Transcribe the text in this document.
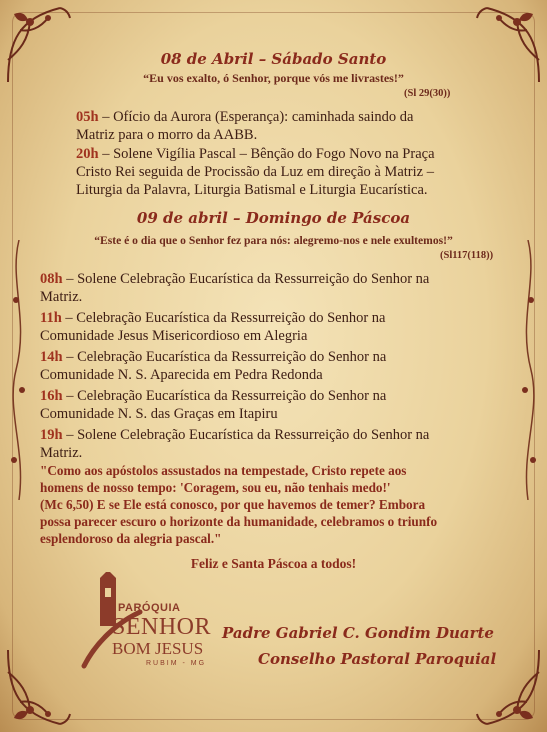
08 de Abril – Sábado Santo
“Eu vos exalto, ó Senhor, porque vós me livrastes!”
(Sl 29(30))
05h – Ofício da Aurora (Esperança): caminhada saindo da
Matriz para o morro da AABB.
20h – Solene Vigília Pascal – Bênção do Fogo Novo na Praça
Cristo Rei seguida de Procissão da Luz em direção à Matriz –
Liturgia da Palavra, Liturgia Batismal e Liturgia Eucarística.
09 de abril – Domingo de Páscoa
“Este é o dia que o Senhor fez para nós: alegremo-nos e nele exultemos!”
(Sl117(118))
08h – Solene Celebração Eucarística da Ressurreição do Senhor na
Matriz.
11h – Celebração Eucarística da Ressurreição do Senhor na
Comunidade Jesus Misericordioso em Alegria
14h – Celebração Eucarística da Ressurreição do Senhor na
Comunidade N. S. Aparecida em Pedra Redonda
16h – Celebração Eucarística da Ressurreição do Senhor na
Comunidade N. S. das Graças em Itapiru
19h – Solene Celebração Eucarística da Ressurreição do Senhor na
Matriz.
"Como aos apóstolos assustados na tempestade, Cristo repete aos
homens de nosso tempo: 'Coragem, sou eu, não tenhais medo!'
(Mc 6,50) E se Ele está conosco, por que havemos de temer? Embora
possa parecer escuro o horizonte da humanidade, celebramos o triunfo
esplendoroso da alegria pascal."
Feliz e Santa Páscoa a todos!
PARÓQUIA
SENHOR
BOM JESUS
RUBIM - MG
Padre Gabriel C. Gondim Duarte
Conselho Pastoral Paroquial
